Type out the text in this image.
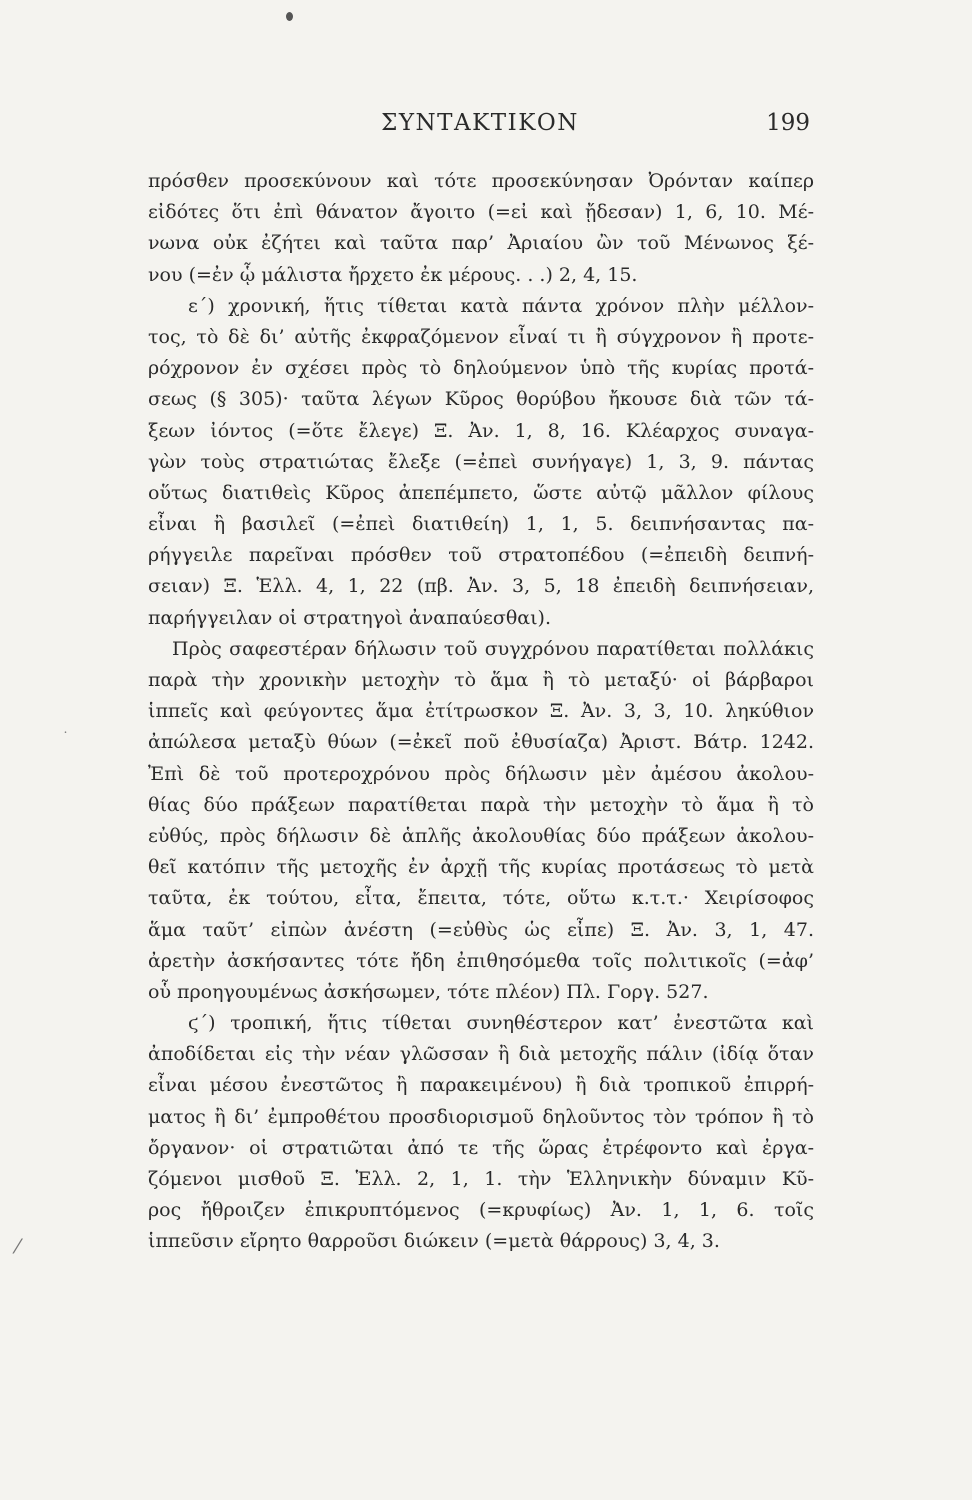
ΣΥΝΤΑΚΤΙΚΟΝ	199
πρόσθεν προσεκύνουν καὶ τότε προσεκύνησαν Ὀρόνταν καίπερ
εἰδότες ὅτι ἐπὶ θάνατον ἄγοιτο (=εἰ καὶ ᾔδεσαν) 1, 6, 10. Μέ-
νωνα οὐκ ἐζήτει καὶ ταῦτα παρ’ Ἀριαίου ὢν τοῦ Μένωνος ξέ-
νου (=ἐν ᾧ μάλιστα ἤρχετο ἐκ μέρους. . .) 2, 4, 15.
ε΄) χρονική, ἥτις τίθεται κατὰ πάντα χρόνον πλὴν μέλλον-
τος, τὸ δὲ δι’ αὐτῆς ἐκφραζόμενον εἶναί τι ἢ σύγχρονον ἢ προτε-
ρόχρονον ἐν σχέσει πρὸς τὸ δηλούμενον ὑπὸ τῆς κυρίας προτά-
σεως (§ 305)· ταῦτα λέγων Κῦρος θορύβου ἤκουσε διὰ τῶν τά-
ξεων ἰόντος (=ὅτε ἔλεγε) Ξ. Ἀν. 1, 8, 16. Κλέαρχος συναγα-
γὼν τοὺς στρατιώτας ἔλεξε (=ἐπεὶ συνήγαγε) 1, 3, 9. πάντας
οὕτως διατιθεὶς Κῦρος ἀπεπέμπετο, ὥστε αὐτῷ μᾶλλον φίλους
εἶναι ἢ βασιλεῖ (=ἐπεὶ διατιθείη) 1, 1, 5. δειπνήσαντας πα-
ρήγγειλε παρεῖναι πρόσθεν τοῦ στρατοπέδου (=ἐπειδὴ δειπνή-
σειαν) Ξ. Ἑλλ. 4, 1, 22 (πβ. Ἀν. 3, 5, 18 ἐπειδὴ δειπνήσειαν,
παρήγγειλαν οἱ στρατηγοὶ ἀναπαύεσθαι).
Πρὸς σαφεστέραν δήλωσιν τοῦ συγχρόνου παρατίθεται πολλάκις
παρὰ τὴν χρονικὴν μετοχὴν τὸ ἅμα ἢ τὸ μεταξύ· οἱ βάρβαροι
ἱππεῖς καὶ φεύγοντες ἅμα ἐτίτρωσκον Ξ. Ἀν. 3, 3, 10. ληκύθιον
ἀπώλεσα μεταξὺ θύων (=ἐκεῖ ποῦ ἐθυσίαζα) Ἀριστ. Βάτρ. 1242.
Ἐπὶ δὲ τοῦ προτεροχρόνου πρὸς δήλωσιν μὲν ἀμέσου ἀκολου-
θίας δύο πράξεων παρατίθεται παρὰ τὴν μετοχὴν τὸ ἅμα ἢ τὸ
εὐθύς, πρὸς δήλωσιν δὲ ἁπλῆς ἀκολουθίας δύο πράξεων ἀκολου-
θεῖ κατόπιν τῆς μετοχῆς ἐν ἀρχῇ τῆς κυρίας προτάσεως τὸ μετὰ
ταῦτα, ἐκ τούτου, εἶτα, ἔπειτα, τότε, οὕτω κ.τ.τ.· Χειρίσοφος
ἅμα ταῦτ’ εἰπὼν ἀνέστη (=εὐθὺς ὡς εἶπε) Ξ. Ἀν. 3, 1, 47.
ἀρετὴν ἀσκήσαντες τότε ἤδη ἐπιθησόμεθα τοῖς πολιτικοῖς (=ἀφ’
οὗ προηγουμένως ἀσκήσωμεν, τότε πλέον) Πλ. Γοργ. 527.
ϛ΄) τροπική, ἥτις τίθεται συνηθέστερον κατ’ ἐνεστῶτα καὶ
ἀποδίδεται εἰς τὴν νέαν γλῶσσαν ἢ διὰ μετοχῆς πάλιν (ἰδίᾳ ὅταν
εἶναι μέσου ἐνεστῶτος ἢ παρακειμένου) ἢ διὰ τροπικοῦ ἐπιρρή-
ματος ἢ δι’ ἐμπροθέτου προσδιορισμοῦ δηλοῦντος τὸν τρόπον ἢ τὸ
ὄργανον· οἱ στρατιῶται ἀπό τε τῆς ὥρας ἐτρέφοντο καὶ ἐργα-
ζόμενοι μισθοῦ Ξ. Ἑλλ. 2, 1, 1. τὴν Ἑλληνικὴν δύναμιν Κῦ-
ρος ἤθροιζεν ἐπικρυπτόμενος (=κρυφίως) Ἀν. 1, 1, 6. τοῖς
ἱππεῦσιν εἴρητο θαρροῦσι διώκειν (=μετὰ θάρρους) 3, 4, 3.
⁄
˙
